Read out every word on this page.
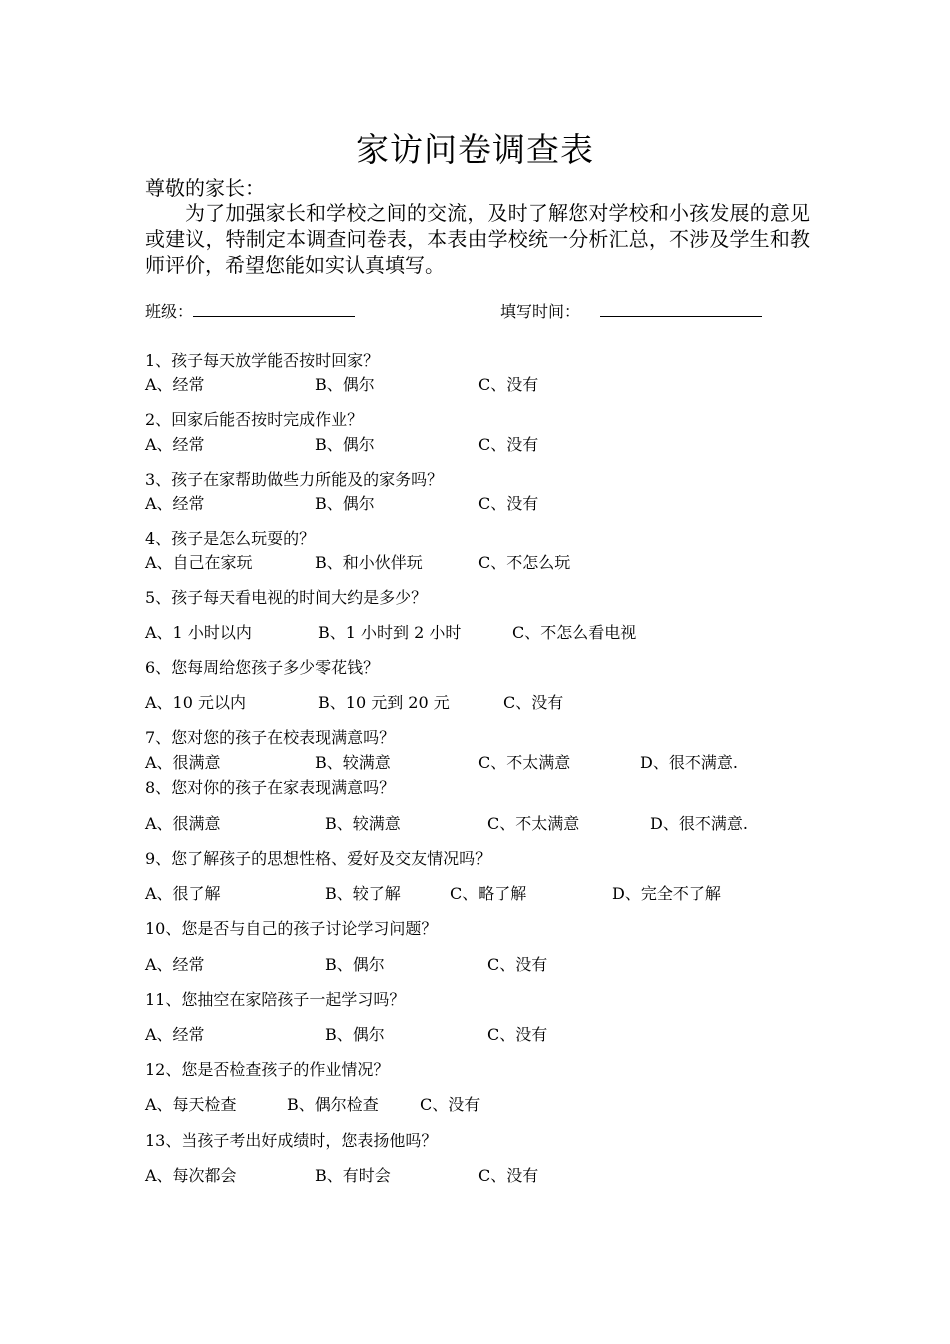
家访问卷调查表
尊敬的家长：
为了加强家长和学校之间的交流，及时了解您对学校和小孩发展的意见或建议，特制定本调查问卷表，本表由学校统一分析汇总，不涉及学生和教师评价，希望您能如实认真填写。
班级：	填写时间：
1、孩子每天放学能否按时回家？
A、经常	B、偶尔	C、没有
2、回家后能否按时完成作业？
A、经常	B、偶尔	C、没有
3、孩子在家帮助做些力所能及的家务吗？
A、经常	B、偶尔	C、没有
4、孩子是怎么玩耍的？
A、自己在家玩	B、和小伙伴玩	C、不怎么玩
5、孩子每天看电视的时间大约是多少？
A、1 小时以内	B、1 小时到 2 小时	C、不怎么看电视
6、您每周给您孩子多少零花钱？
A、10 元以内	B、10 元到 20 元	C、没有
7、您对您的孩子在校表现满意吗？
A、很满意	B、较满意	C、不太满意	D、很不满意.
8、您对你的孩子在家表现满意吗？
A、很满意	B、较满意	C、不太满意	D、很不满意.
9、您了解孩子的思想性格、爱好及交友情况吗？
A、很了解	B、较了解	C、略了解	D、完全不了解
10、您是否与自己的孩子讨论学习问题？
A、经常	B、偶尔	C、没有
11、您抽空在家陪孩子一起学习吗？
A、经常	B、偶尔	C、没有
12、您是否检查孩子的作业情况？
A、每天检查	B、偶尔检查	C、没有
13、当孩子考出好成绩时，您表扬他吗？
A、每次都会	B、有时会	C、没有
